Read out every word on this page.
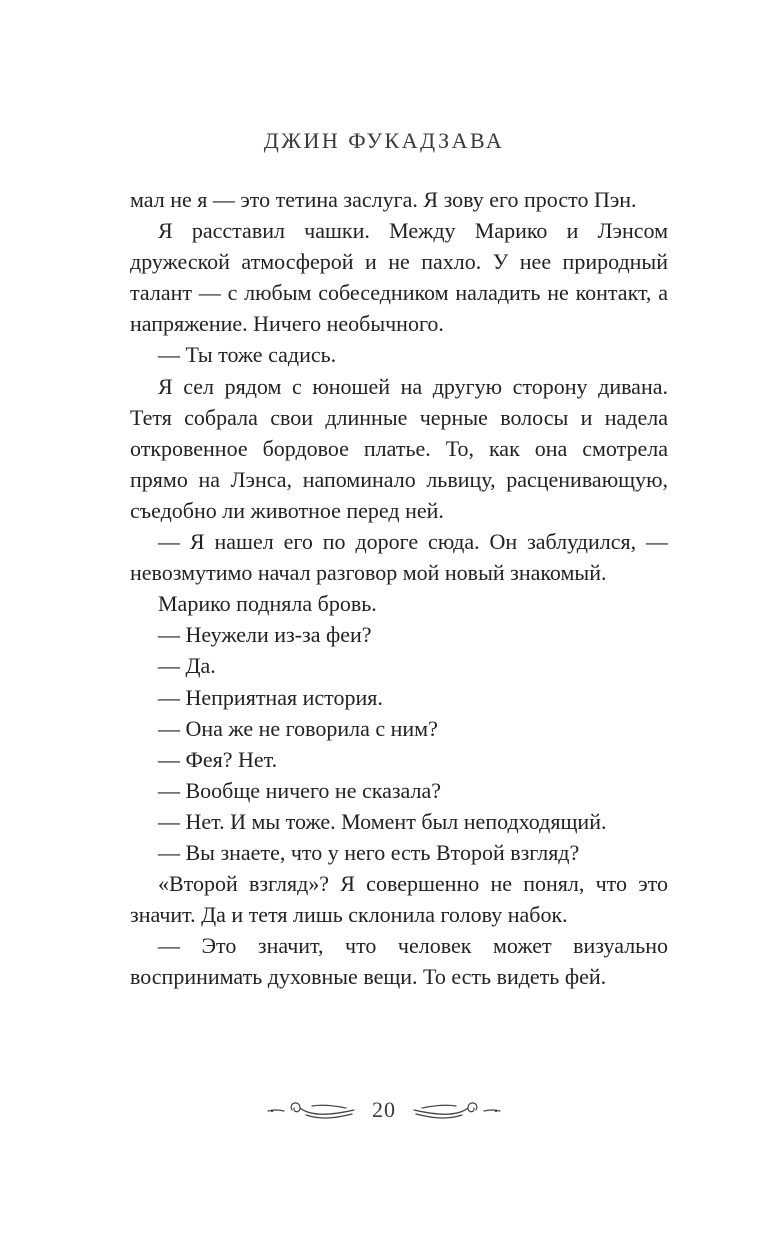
ДЖИН ФУКАДЗАВА

мал не я — это тетина заслуга. Я зову его просто Пэн.

Я расставил чашки. Между Марико и Лэнсом дружеской атмосферой и не пахло. У нее природный талант — с любым собеседником наладить не контакт, а напряжение. Ничего необычного.

— Ты тоже садись.

Я сел рядом с юношей на другую сторону дивана. Тетя собрала свои длинные черные волосы и надела откровенное бордовое платье. То, как она смотрела прямо на Лэнса, напоминало львицу, расценивающую, съедобно ли животное перед ней.

— Я нашел его по дороге сюда. Он заблудился, — невозмутимо начал разговор мой новый знакомый.

Марико подняла бровь.

— Неужели из-за феи?

— Да.

— Неприятная история.

— Она же не говорила с ним?

— Фея? Нет.

— Вообще ничего не сказала?

— Нет. И мы тоже. Момент был неподходящий.

— Вы знаете, что у него есть Второй взгляд?

«Второй взгляд»? Я совершенно не понял, что это значит. Да и тетя лишь склонила голову набок.

— Это значит, что человек может визуально воспринимать духовные вещи. То есть видеть фей.

20
